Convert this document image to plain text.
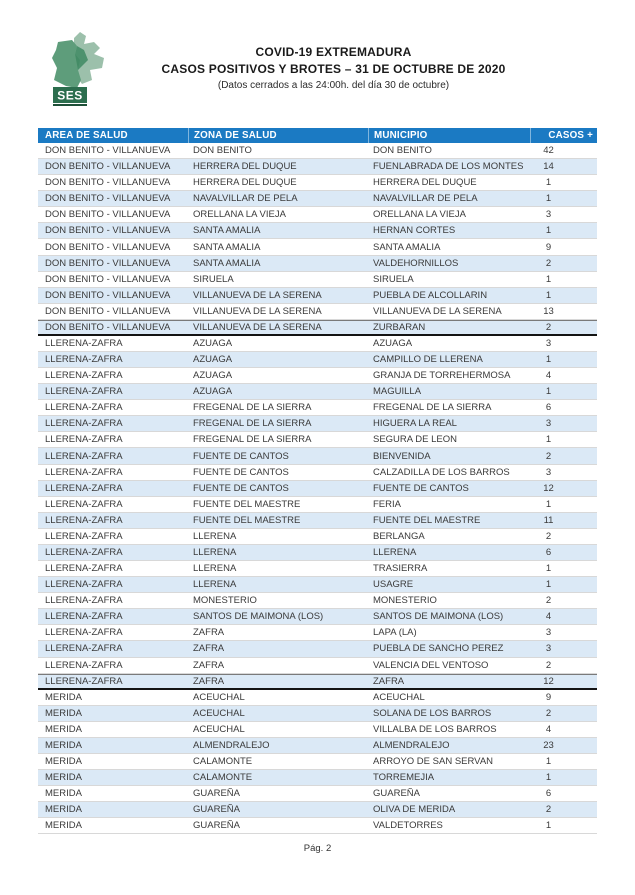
SES
COVID-19 EXTREMADURA
CASOS POSITIVOS Y BROTES – 31 DE OCTUBRE DE 2020
(Datos cerrados a las 24:00h. del día 30 de octubre)
AREA DE SALUD	ZONA DE SALUD	MUNICIPIO	CASOS +
DON BENITO - VILLANUEVA	DON BENITO	DON BENITO	42
DON BENITO - VILLANUEVA	HERRERA DEL DUQUE	FUENLABRADA DE LOS MONTES	14
DON BENITO - VILLANUEVA	HERRERA DEL DUQUE	HERRERA DEL DUQUE	1
DON BENITO - VILLANUEVA	NAVALVILLAR DE PELA	NAVALVILLAR DE PELA	1
DON BENITO - VILLANUEVA	ORELLANA LA VIEJA	ORELLANA LA VIEJA	3
DON BENITO - VILLANUEVA	SANTA AMALIA	HERNAN CORTES	1
DON BENITO - VILLANUEVA	SANTA AMALIA	SANTA AMALIA	9
DON BENITO - VILLANUEVA	SANTA AMALIA	VALDEHORNILLOS	2
DON BENITO - VILLANUEVA	SIRUELA	SIRUELA	1
DON BENITO - VILLANUEVA	VILLANUEVA DE LA SERENA	PUEBLA DE ALCOLLARIN	1
DON BENITO - VILLANUEVA	VILLANUEVA DE LA SERENA	VILLANUEVA DE LA SERENA	13
DON BENITO - VILLANUEVA	VILLANUEVA DE LA SERENA	ZURBARAN	2
LLERENA-ZAFRA	AZUAGA	AZUAGA	3
LLERENA-ZAFRA	AZUAGA	CAMPILLO DE LLERENA	1
LLERENA-ZAFRA	AZUAGA	GRANJA DE TORREHERMOSA	4
LLERENA-ZAFRA	AZUAGA	MAGUILLA	1
LLERENA-ZAFRA	FREGENAL DE LA SIERRA	FREGENAL DE LA SIERRA	6
LLERENA-ZAFRA	FREGENAL DE LA SIERRA	HIGUERA LA REAL	3
LLERENA-ZAFRA	FREGENAL DE LA SIERRA	SEGURA DE LEON	1
LLERENA-ZAFRA	FUENTE DE CANTOS	BIENVENIDA	2
LLERENA-ZAFRA	FUENTE DE CANTOS	CALZADILLA DE LOS BARROS	3
LLERENA-ZAFRA	FUENTE DE CANTOS	FUENTE DE CANTOS	12
LLERENA-ZAFRA	FUENTE DEL MAESTRE	FERIA	1
LLERENA-ZAFRA	FUENTE DEL MAESTRE	FUENTE DEL MAESTRE	11
LLERENA-ZAFRA	LLERENA	BERLANGA	2
LLERENA-ZAFRA	LLERENA	LLERENA	6
LLERENA-ZAFRA	LLERENA	TRASIERRA	1
LLERENA-ZAFRA	LLERENA	USAGRE	1
LLERENA-ZAFRA	MONESTERIO	MONESTERIO	2
LLERENA-ZAFRA	SANTOS DE MAIMONA (LOS)	SANTOS DE MAIMONA (LOS)	4
LLERENA-ZAFRA	ZAFRA	LAPA (LA)	3
LLERENA-ZAFRA	ZAFRA	PUEBLA DE SANCHO PEREZ	3
LLERENA-ZAFRA	ZAFRA	VALENCIA DEL VENTOSO	2
LLERENA-ZAFRA	ZAFRA	ZAFRA	12
MERIDA	ACEUCHAL	ACEUCHAL	9
MERIDA	ACEUCHAL	SOLANA DE LOS BARROS	2
MERIDA	ACEUCHAL	VILLALBA DE LOS BARROS	4
MERIDA	ALMENDRALEJO	ALMENDRALEJO	23
MERIDA	CALAMONTE	ARROYO DE SAN SERVAN	1
MERIDA	CALAMONTE	TORREMEJIA	1
MERIDA	GUAREÑA	GUAREÑA	6
MERIDA	GUAREÑA	OLIVA DE MERIDA	2
MERIDA	GUAREÑA	VALDETORRES	1
Pág. 2
